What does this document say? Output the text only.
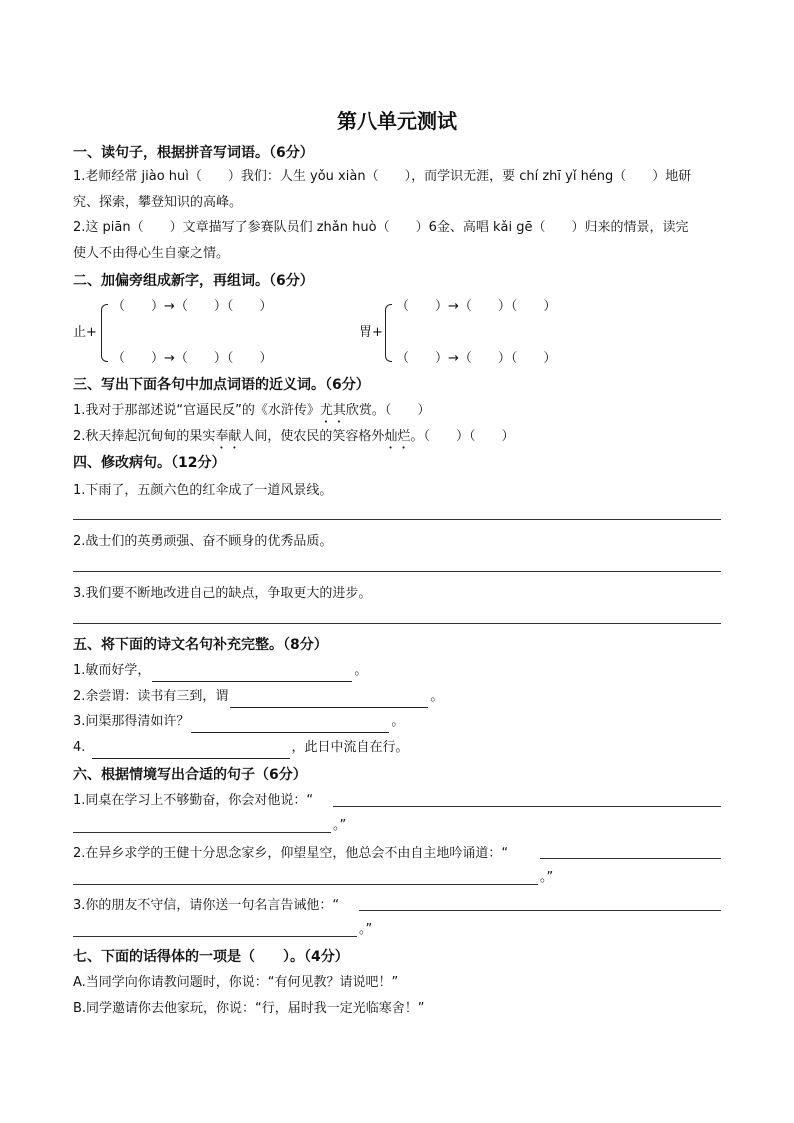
第八单元测试
一、读句子，根据拼音写词语。（6分）
1.老师经常 jiào huì（　　）我们：人生 yǒu xiàn（　　），而学识无涯，要 chí zhī yǐ héng（　　）地研
究、探索，攀登知识的高峰。
2.这 piān（　　）文章描写了参赛队员们 zhǎn huò（　　）6金、高唱 kǎi gē（　　）归来的情景，读完
使人不由得心生自豪之情。
二、加偏旁组成新字，再组词。（6分）
止+
（　　）→（　　）（　　）
（　　）→（　　）（　　）
胃+
（　　）→（　　）（　　）
（　　）→（　　）（　　）
三、写出下面各句中加点词语的近义词。（6分）
1.我对于那部述说“官逼民反”的《水浒传》尤其欣赏。（　　）
2.秋天捧起沉甸甸的果实奉献人间，使农民的笑容格外灿烂。（　　）（　　）
四、修改病句。（12分）
1.下雨了，五颜六色的红伞成了一道风景线。
2.战士们的英勇顽强、奋不顾身的优秀品质。
3.我们要不断地改进自己的缺点，争取更大的进步。
五、将下面的诗文名句补充完整。（8分）
1.敏而好学，	。
2.余尝谓：读书有三到，谓	。
3.问渠那得清如许？	。
4.	，此日中流自在行。
六、根据情境写出合适的句子（6分）
1.同桌在学习上不够勤奋，你会对他说：“
。”
2.在异乡求学的王健十分思念家乡，仰望星空，他总会不由自主地吟诵道：“
。”
3.你的朋友不守信，请你送一句名言告诫他：“
。”
七、下面的话得体的一项是（　　）。（4分）
A.当同学向你请教问题时，你说：“有何见教？请说吧！”
B.同学邀请你去他家玩，你说：“行，届时我一定光临寒舍！”
